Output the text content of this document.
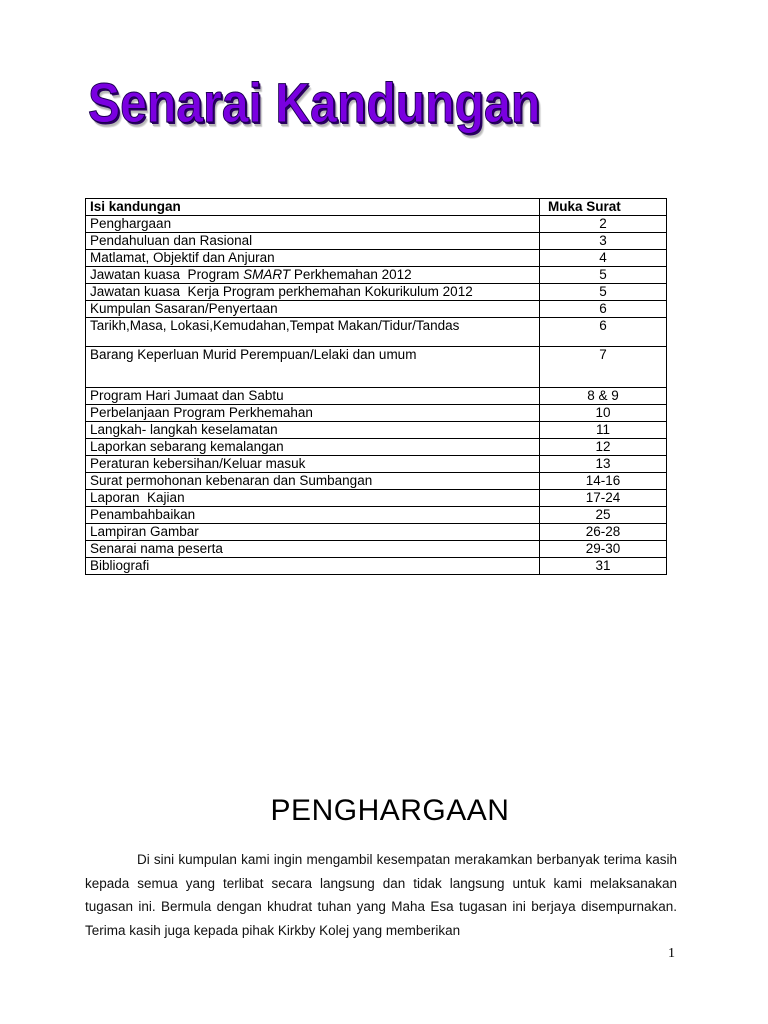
Senarai Kandungan
Isi kandungan	Muka Surat
Penghargaan	2
Pendahuluan dan Rasional	3
Matlamat, Objektif dan Anjuran	4
Jawatan kuasa  Program SMART Perkhemahan 2012	5
Jawatan kuasa  Kerja Program perkhemahan Kokurikulum 2012	5
Kumpulan Sasaran/Penyertaan	6
Tarikh,Masa, Lokasi,Kemudahan,Tempat Makan/Tidur/Tandas	6
Barang Keperluan Murid Perempuan/Lelaki dan umum	7
Program Hari Jumaat dan Sabtu	8 & 9
Perbelanjaan Program Perkhemahan	10
Langkah- langkah keselamatan	11
Laporkan sebarang kemalangan	12
Peraturan kebersihan/Keluar masuk	13
Surat permohonan kebenaran dan Sumbangan	14-16
Laporan  Kajian	17-24
Penambahbaikan	25
Lampiran Gambar	26-28
Senarai nama peserta	29-30
Bibliografi	31
PENGHARGAAN
Di sini kumpulan kami ingin mengambil kesempatan merakamkan berbanyak terima kasih kepada semua yang terlibat secara langsung dan tidak langsung untuk kami melaksanakan tugasan ini. Bermula dengan khudrat tuhan yang Maha Esa tugasan ini berjaya disempurnakan. Terima kasih juga kepada pihak Kirkby Kolej yang memberikan
1
